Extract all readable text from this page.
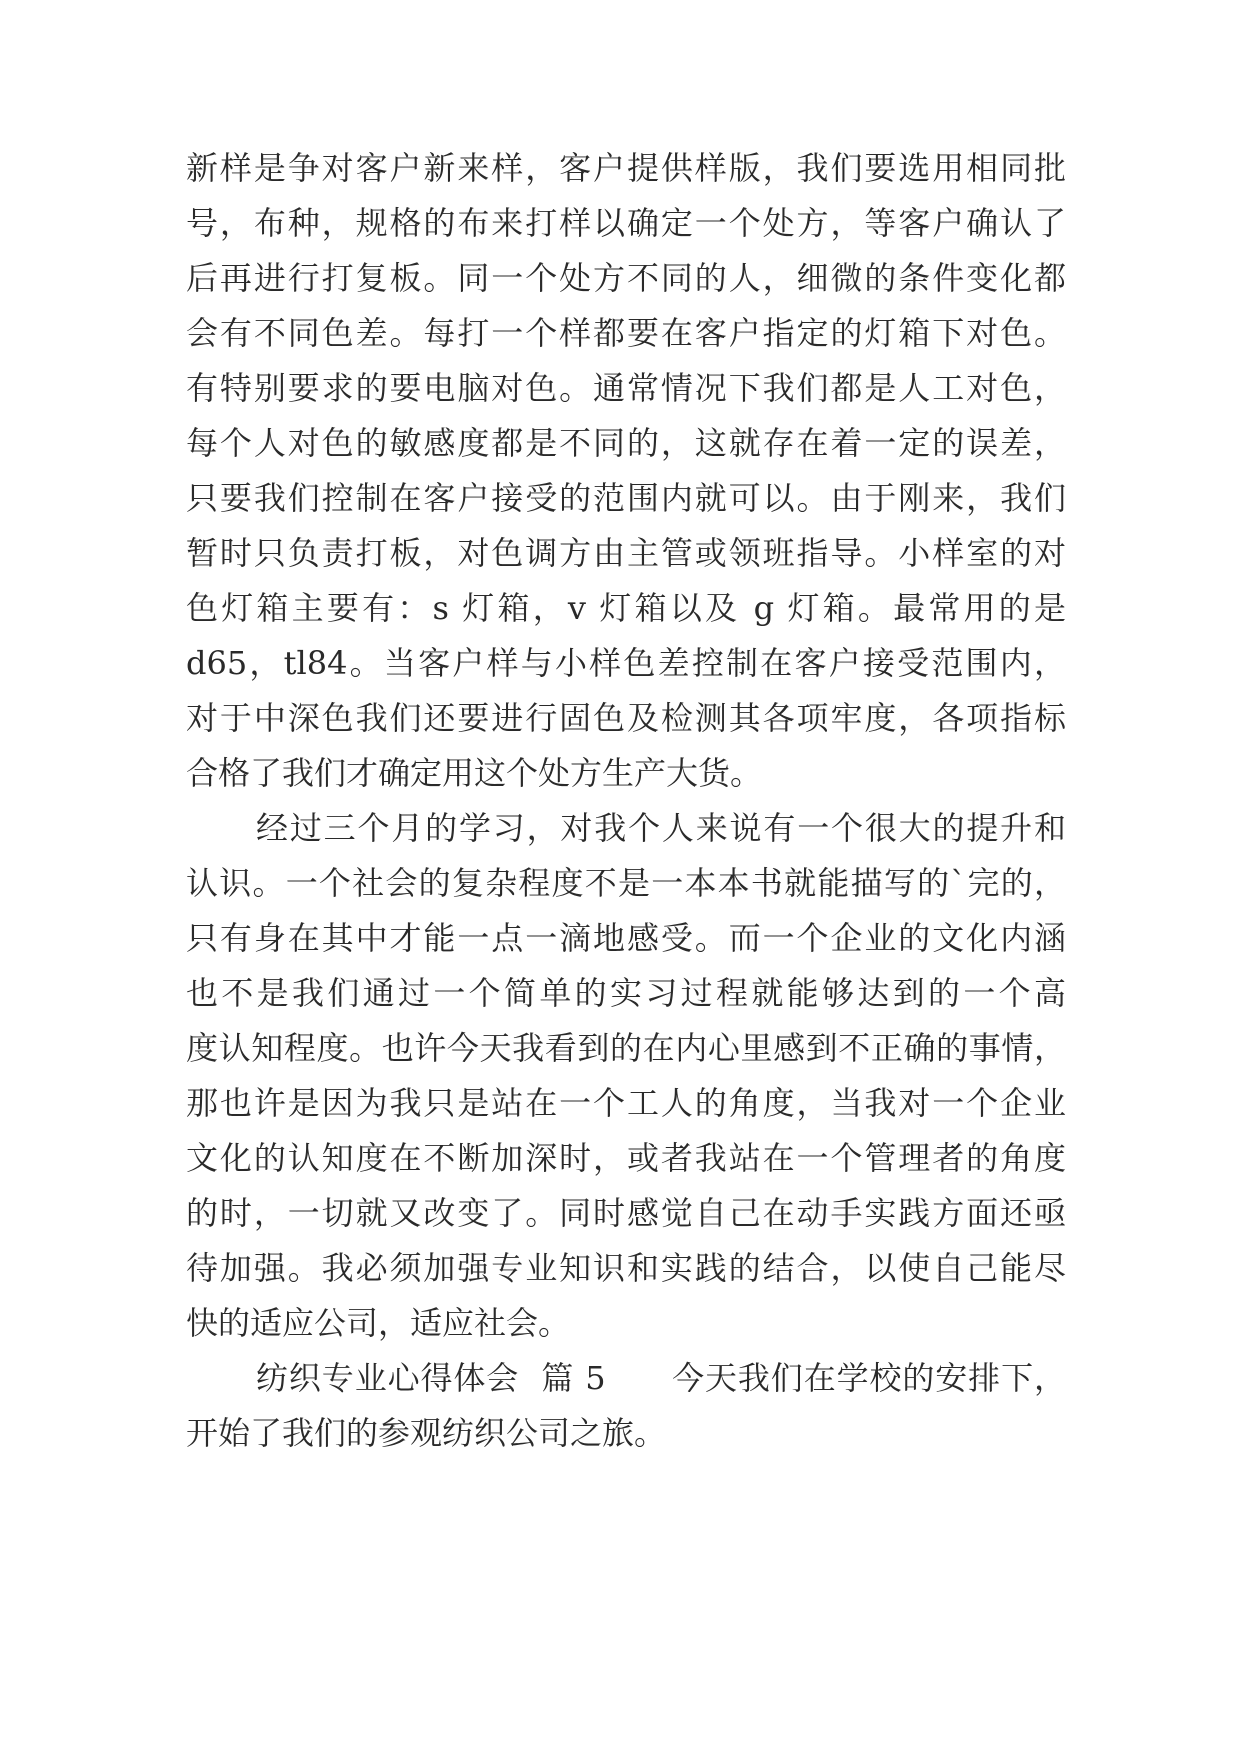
新样是争对客户新来样，客户提供样版，我们要选用相同批
号，布种，规格的布来打样以确定一个处方，等客户确认了
后再进行打复板。同一个处方不同的人，细微的条件变化都
会有不同色差。每打一个样都要在客户指定的灯箱下对色。
有特别要求的要电脑对色。通常情况下我们都是人工对色，
每个人对色的敏感度都是不同的，这就存在着一定的误差，
只要我们控制在客户接受的范围内就可以。由于刚来，我们
暂时只负责打板，对色调方由主管或领班指导。小样室的对
色灯箱主要有：s 灯箱，v 灯箱以及 g 灯箱。最常用的是
d65，tl84。当客户样与小样色差控制在客户接受范围内，
对于中深色我们还要进行固色及检测其各项牢度，各项指标
合格了我们才确定用这个处方生产大货。
经过三个月的学习，对我个人来说有一个很大的提升和
认识。一个社会的复杂程度不是一本本书就能描写的`完的，
只有身在其中才能一点一滴地感受。而一个企业的文化内涵
也不是我们通过一个简单的实习过程就能够达到的一个高
度认知程度。也许今天我看到的在内心里感到不正确的事情，
那也许是因为我只是站在一个工人的角度，当我对一个企业
文化的认知度在不断加深时，或者我站在一个管理者的角度
的时，一切就又改变了。同时感觉自己在动手实践方面还亟
待加强。我必须加强专业知识和实践的结合，以使自己能尽
快的适应公司，适应社会。
纺织专业心得体会  篇 5      今天我们在学校的安排下，
开始了我们的参观纺织公司之旅。
